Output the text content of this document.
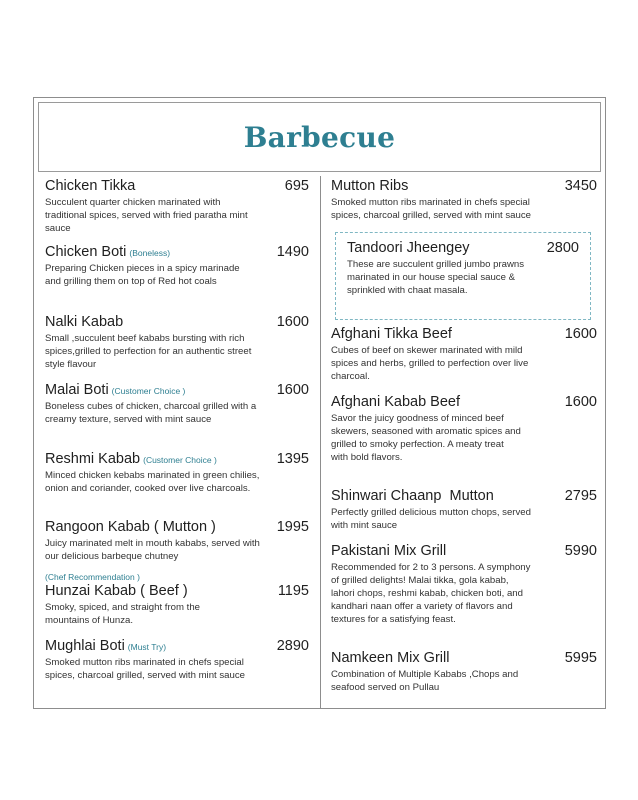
Barbecue
Chicken Tikka	695

Succulent quarter chicken marinated with traditional spices, served with fried paratha mint sauce

Chicken Boti (Boneless)	1490

Preparing Chicken pieces in a spicy marinade and grilling them on top of Red hot coals

Nalki Kabab	1600

Small ,succulent beef kababs bursting with rich spices,grilled to perfection for an authentic street style flavour

Malai Boti (Customer Choice )	1600

Boneless cubes of chicken, charcoal grilled with a creamy texture, served with mint sauce

Reshmi Kabab (Customer Choice )	1395

Minced chicken kebabs marinated in green chilies, onion and coriander, cooked over live charcoals.

Rangoon Kabab ( Mutton )	1995

Juicy marinated melt in mouth kababs, served with our delicious barbeque chutney

(Chef Recommendation )
Hunzai Kabab ( Beef )	1195

Smoky, spiced, and straight from the mountains of Hunza.

Mughlai Boti (Must Try)	2890

Smoked mutton ribs marinated in chefs special spices, charcoal grilled, served with mint sauce

Mutton Ribs	3450

Smoked mutton ribs marinated in chefs special spices, charcoal grilled, served with mint sauce

Tandoori Jheengey	2800

These are succulent grilled jumbo prawns marinated in our house special sauce & sprinkled with chaat masala.

Afghani Tikka Beef	1600

Cubes of beef on skewer marinated with mild spices and herbs, grilled to perfection over live charcoal.

Afghani Kabab Beef	1600

Savor the juicy goodness of minced beef skewers, seasoned with aromatic spices and grilled to smoky perfection. A meaty treat with bold flavors.

Shinwari Chaanp  Mutton	2795

Perfectly grilled delicious mutton chops, served with mint sauce

Pakistani Mix Grill	5990

Recommended for 2 to 3 persons. A symphony of grilled delights! Malai tikka, gola kabab, lahori chops, reshmi kabab, chicken boti, and kandhari naan offer a variety of flavors and textures for a satisfying feast.

Namkeen Mix Grill	5995

Combination of Multiple Kababs ,Chops and seafood served on Pullau
